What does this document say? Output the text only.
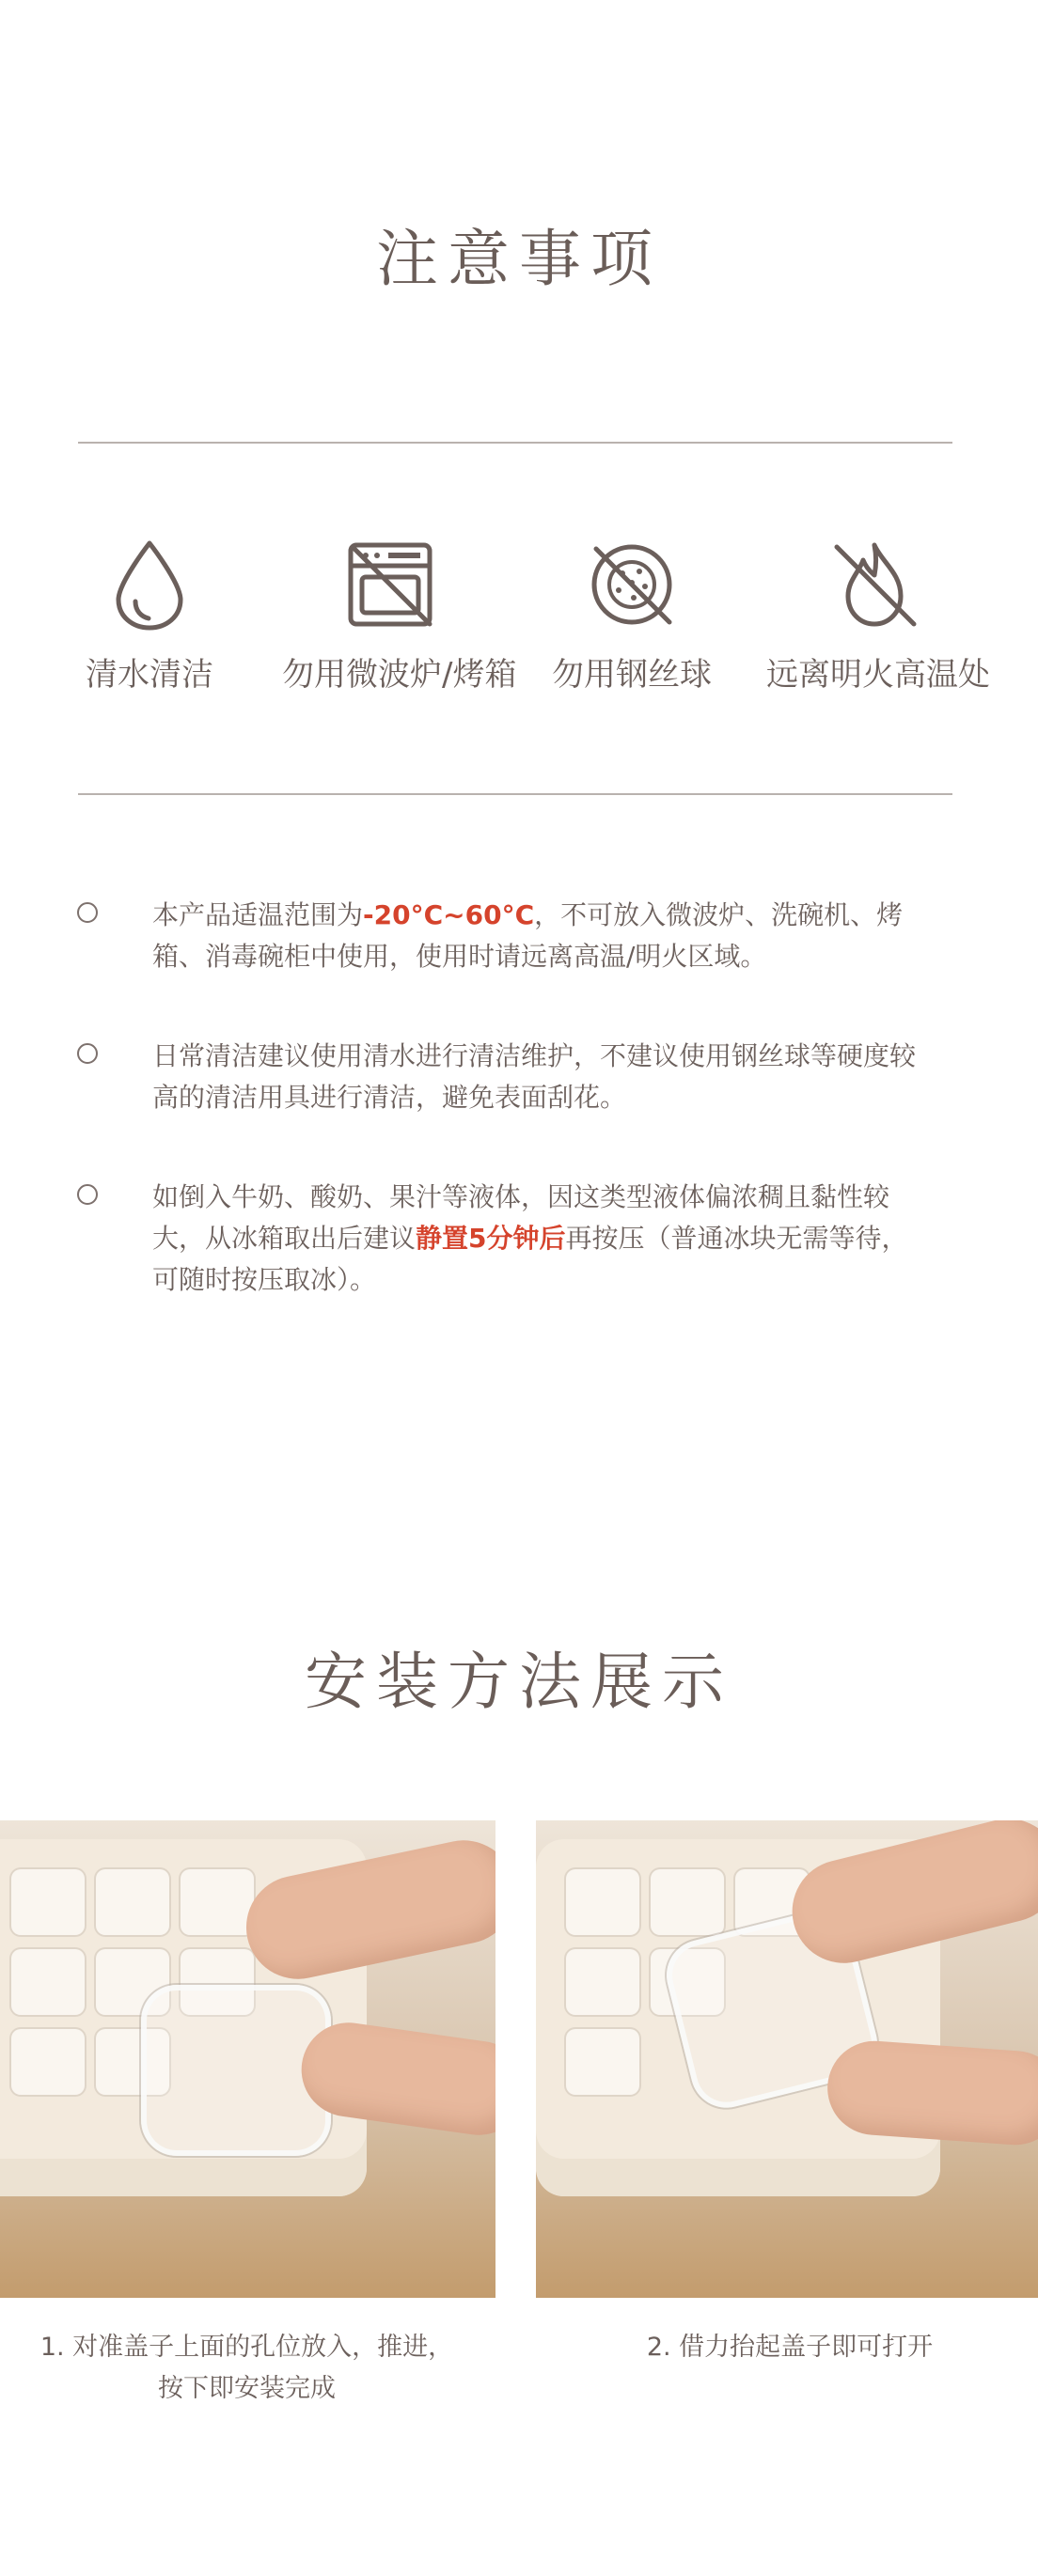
注意事项
清水清洁	勿用微波炉/烤箱	勿用钢丝球	远离明火高温处
本产品适温范围为-20°C~60°C，不可放入微波炉、洗碗机、烤箱、消毒碗柜中使用，使用时请远离高温/明火区域。
日常清洁建议使用清水进行清洁维护，不建议使用钢丝球等硬度较高的清洁用具进行清洁，避免表面刮花。
如倒入牛奶、酸奶、果汁等液体，因这类型液体偏浓稠且黏性较大，从冰箱取出后建议静置5分钟后再按压（普通冰块无需等待，可随时按压取冰）。
安装方法展示
1. 对准盖子上面的孔位放入，推进，按下即安装完成
2. 借力抬起盖子即可打开
